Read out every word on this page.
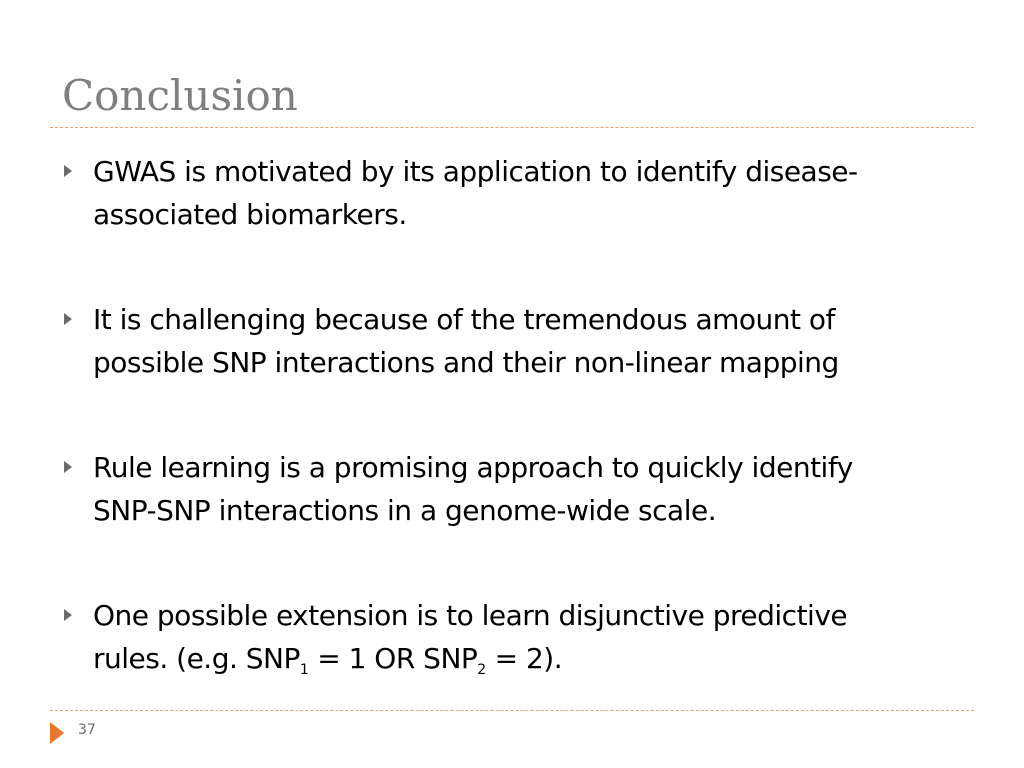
Conclusion
GWAS is motivated by its application to identify disease-
associated biomarkers.
It is challenging because of the tremendous amount of
possible SNP interactions and their non-linear mapping
Rule learning is a promising approach to quickly identify
SNP-SNP interactions in a genome-wide scale.
One possible extension is to learn disjunctive predictive
rules. (e.g. $SNP_1 = 1$ OR $SNP_2 = 2$).
37
